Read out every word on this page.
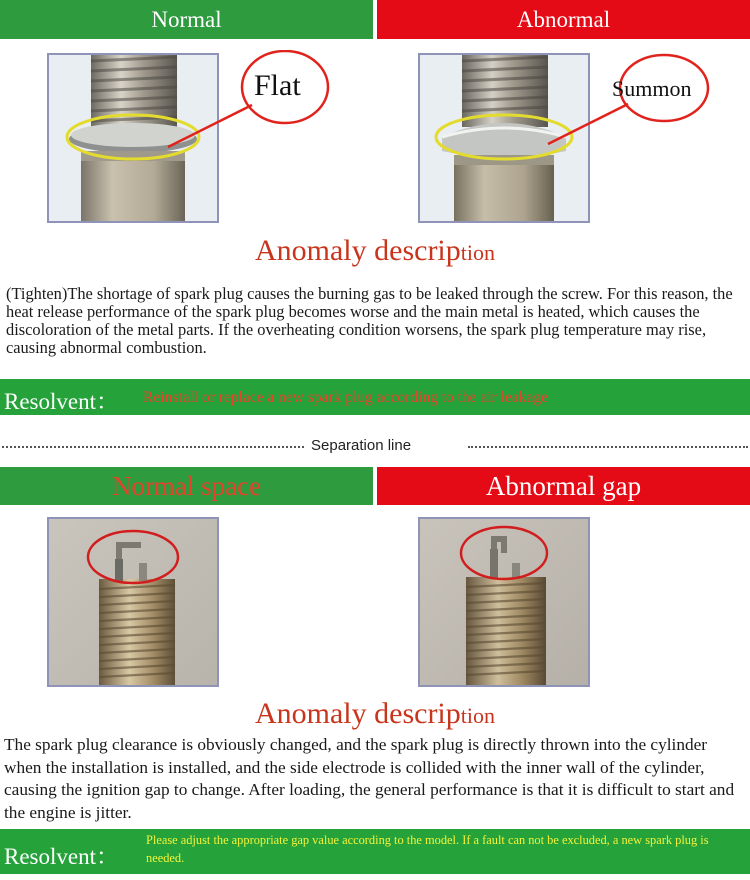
Normal	Abnormal
Flat	Summon
Anomaly description
(Tighten)The shortage of spark plug causes the burning gas to be leaked through the screw. For this reason, the heat release performance of the spark plug becomes worse and the main metal is heated, which causes the discoloration of the metal parts. If the overheating condition worsens, the spark plug temperature may rise, causing abnormal combustion.
Resolvent： Reinstall or replace a new spark plug according to the air leakage
Separation line
Normal space	Abnormal gap
Anomaly description
The spark plug clearance is obviously changed, and the spark plug is directly thrown into the cylinder when the installation is installed, and the side electrode is collided with the inner wall of the cylinder, causing the ignition gap to change. After loading, the general performance is that it is difficult to start and the engine is jitter.
Resolvent：
Please adjust the appropriate gap value according to the model. If a fault can not be excluded, a new spark plug is needed.
